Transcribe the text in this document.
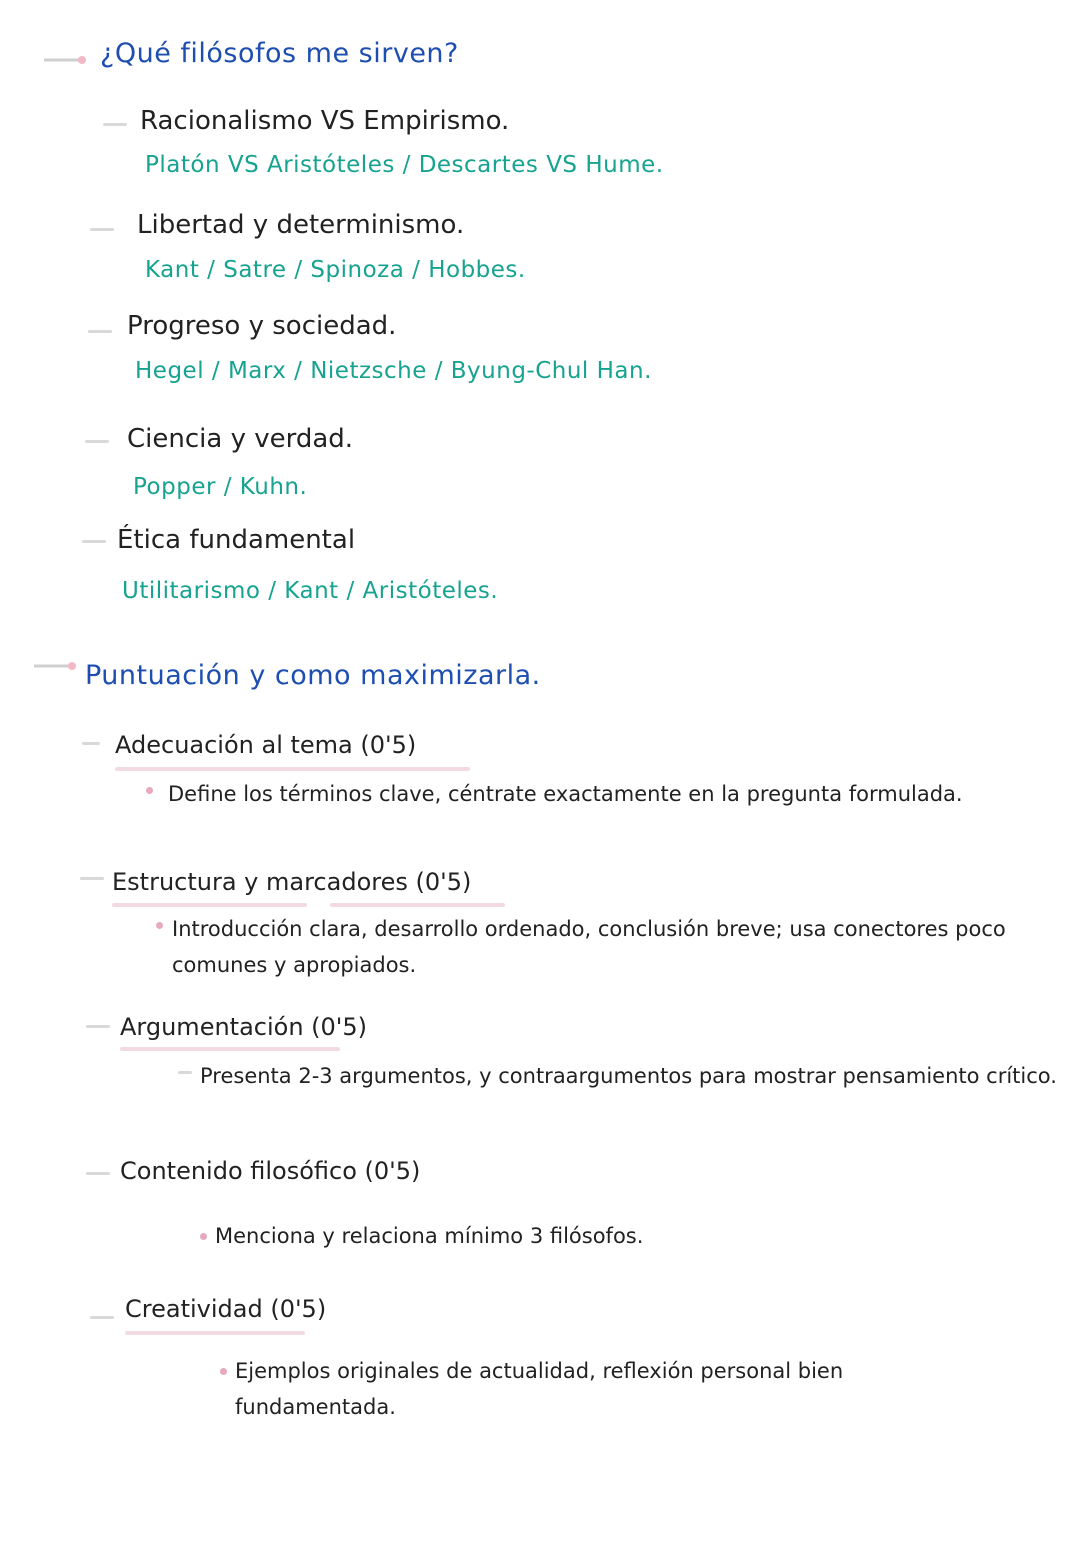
¿Qué filósofos me sirven?
Racionalismo VS Empirismo.
Platón VS Aristóteles / Descartes VS Hume.
Libertad y determinismo.
Kant / Satre / Spinoza / Hobbes.
Progreso y sociedad.
Hegel / Marx / Nietzsche / Byung-Chul Han.
Ciencia y verdad.
Popper / Kuhn.
Ética fundamental
Utilitarismo / Kant / Aristóteles.
Puntuación y como maximizarla.
Adecuación al tema (0'5)
Define los términos clave, céntrate exactamente en la pregunta formulada.
Estructura y marcadores (0'5)
Introducción clara, desarrollo ordenado, conclusión breve; usa conectores poco comunes y apropiados.
Argumentación (0'5)
Presenta 2-3 argumentos, y contraargumentos para mostrar pensamiento crítico.
Contenido filosófico (0'5)
Menciona y relaciona mínimo 3 filósofos.
Creatividad (0'5)
Ejemplos originales de actualidad, reflexión personal bien fundamentada.
